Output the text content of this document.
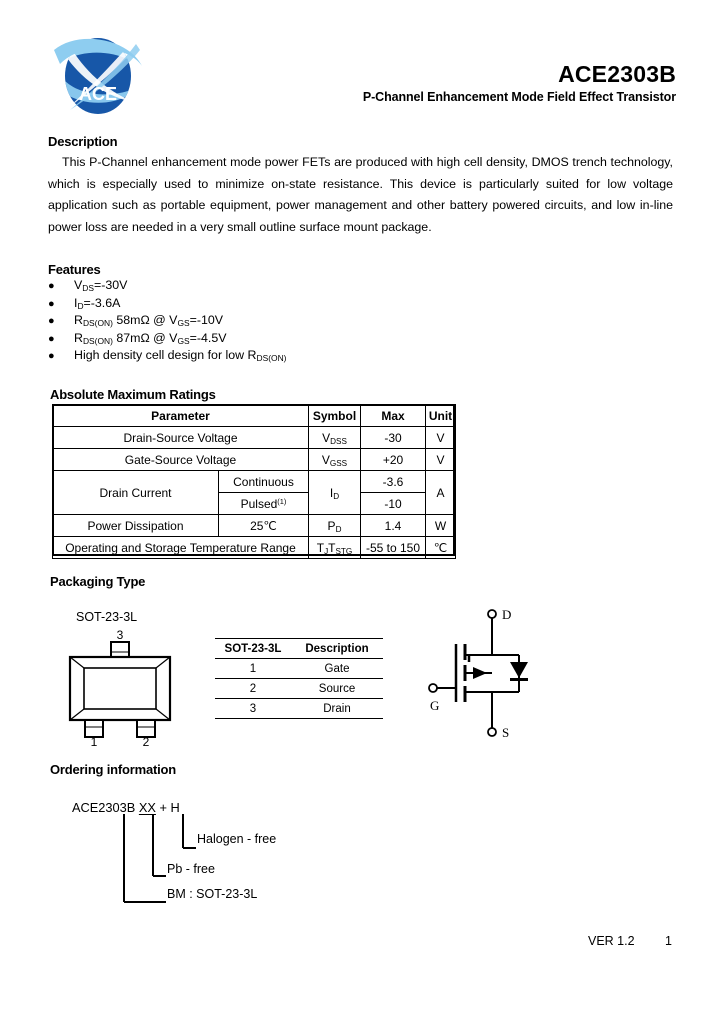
ACE
ACE2303B
P-Channel Enhancement Mode Field Effect Transistor
Description
This P-Channel enhancement mode power FETs are produced with high cell density, DMOS trench technology, which is especially used to minimize on-state resistance. This device is particularly suited for low voltage application such as portable equipment, power management and other battery powered circuits, and low in-line power loss are needed in a very small outline surface mount package.
Features
●	$V_{DS}=-30V$
●	$I_D=-3.6A$
●	$R_{DS(ON)}$ 58mΩ @ $V_{GS}=-10V$
●	$R_{DS(ON)}$ 87mΩ @ $V_{GS}=-4.5V$
●	High density cell design for low $R_{DS(ON)}$
Absolute Maximum Ratings
Parameter		Symbol	Max	Unit
Drain-Source Voltage		$V_{DSS}$	-30	V
Gate-Source Voltage		$V_{GSS}$	+20	V
Drain Current	Continuous	$I_D$	-3.6	A
	Pulsed$^{(1)}$		-10	
Power Dissipation	25℃	$P_D$	1.4	W
Operating and Storage Temperature Range		$T_JT_{STG}$	-55 to 150	℃
Packaging Type
SOT-23-3L
3
1	2
SOT-23-3L	Description
1	Gate
2	Source
3	Drain
D
G
S
Ordering information
ACE2303B XX + H
Halogen - free
Pb - free
BM : SOT-23-3L
VER 1.2 1
